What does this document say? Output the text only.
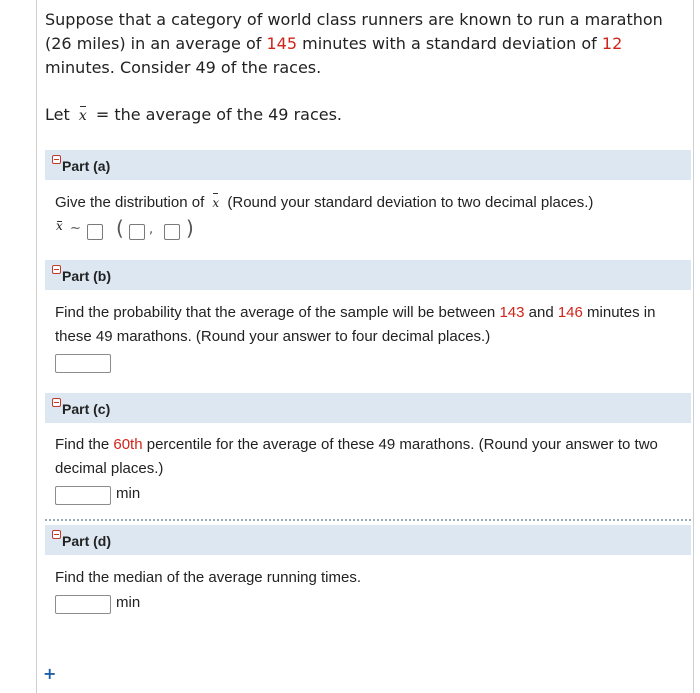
Suppose that a category of world class runners are known to run a marathon (26 miles) in an average of 145 minutes with a standard deviation of 12 minutes. Consider 49 of the races.
Let x = the average of the 49 races.
Part (a)
Give the distribution of x (Round your standard deviation to two decimal places.)
x ~ ( , )
Part (b)
Find the probability that the average of the sample will be between 143 and 146 minutes in these 49 marathons. (Round your answer to four decimal places.)
Part (c)
Find the 60th percentile for the average of these 49 marathons. (Round your answer to two decimal places.)
min
Part (d)
Find the median of the average running times.
min
+
